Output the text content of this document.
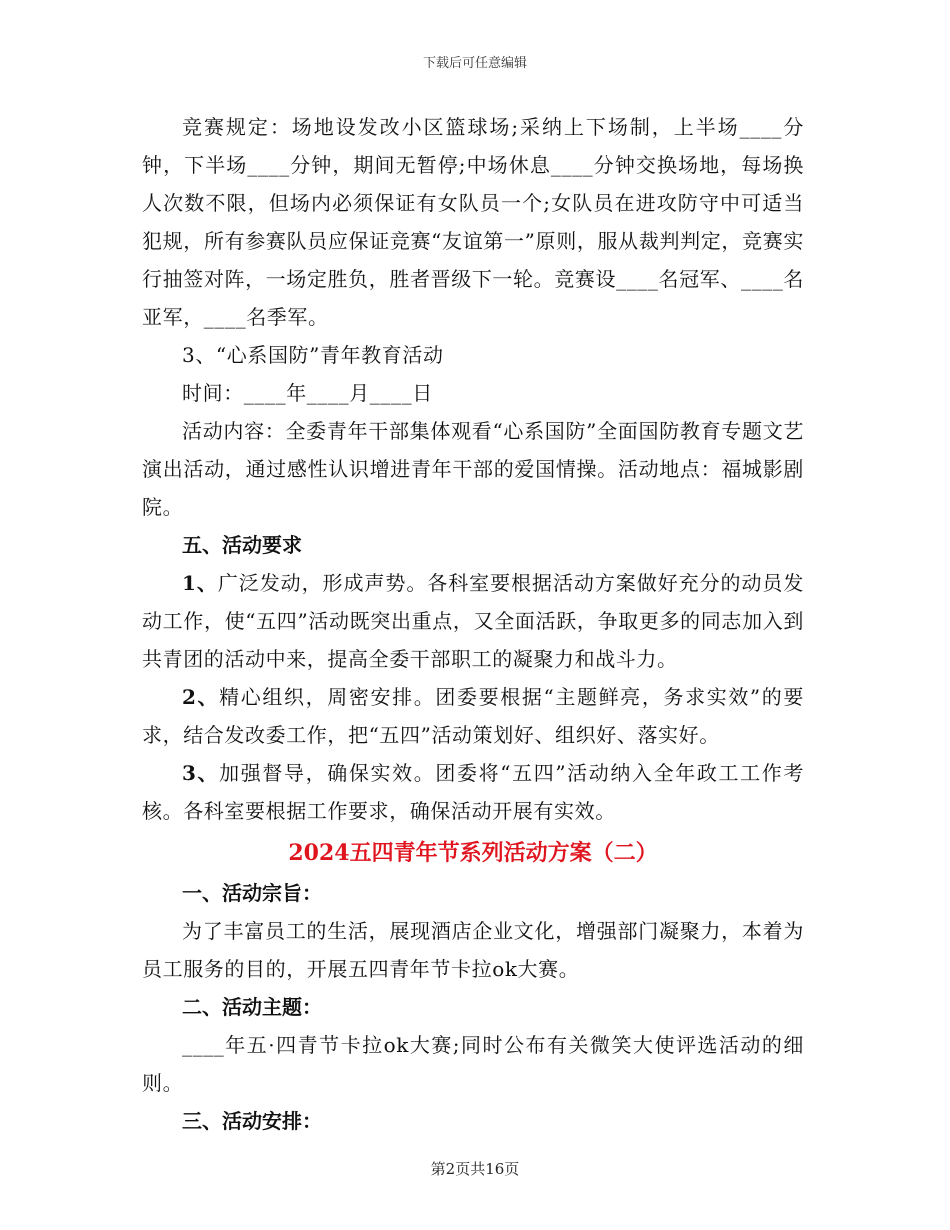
下载后可任意编辑

竞赛规定：场地设发改小区篮球场;采纳上下场制，上半场____分钟，下半场____分钟，期间无暂停;中场休息____分钟交换场地，每场换人次数不限，但场内必须保证有女队员一个;女队员在进攻防守中可适当犯规，所有参赛队员应保证竞赛“友谊第一”原则，服从裁判判定，竞赛实行抽签对阵，一场定胜负，胜者晋级下一轮。竞赛设____名冠军、____名亚军，____名季军。

3、“心系国防”青年教育活动

时间：____年____月____日

活动内容：全委青年干部集体观看“心系国防”全面国防教育专题文艺演出活动，通过感性认识增进青年干部的爱国情操。活动地点：福城影剧院。

五、活动要求

1、广泛发动，形成声势。各科室要根据活动方案做好充分的动员发动工作，使“五四”活动既突出重点，又全面活跃，争取更多的同志加入到共青团的活动中来，提高全委干部职工的凝聚力和战斗力。

2、精心组织，周密安排。团委要根据“主题鲜亮，务求实效”的要求，结合发改委工作，把“五四”活动策划好、组织好、落实好。

3、加强督导，确保实效。团委将“五四”活动纳入全年政工工作考核。各科室要根据工作要求，确保活动开展有实效。

2024五四青年节系列活动方案（二）

一、活动宗旨：

为了丰富员工的生活，展现酒店企业文化，增强部门凝聚力，本着为员工服务的目的，开展五四青年节卡拉ok大赛。

二、活动主题：

____年五·四青节卡拉ok大赛;同时公布有关微笑大使评选活动的细则。

三、活动安排：

第2页共16页
